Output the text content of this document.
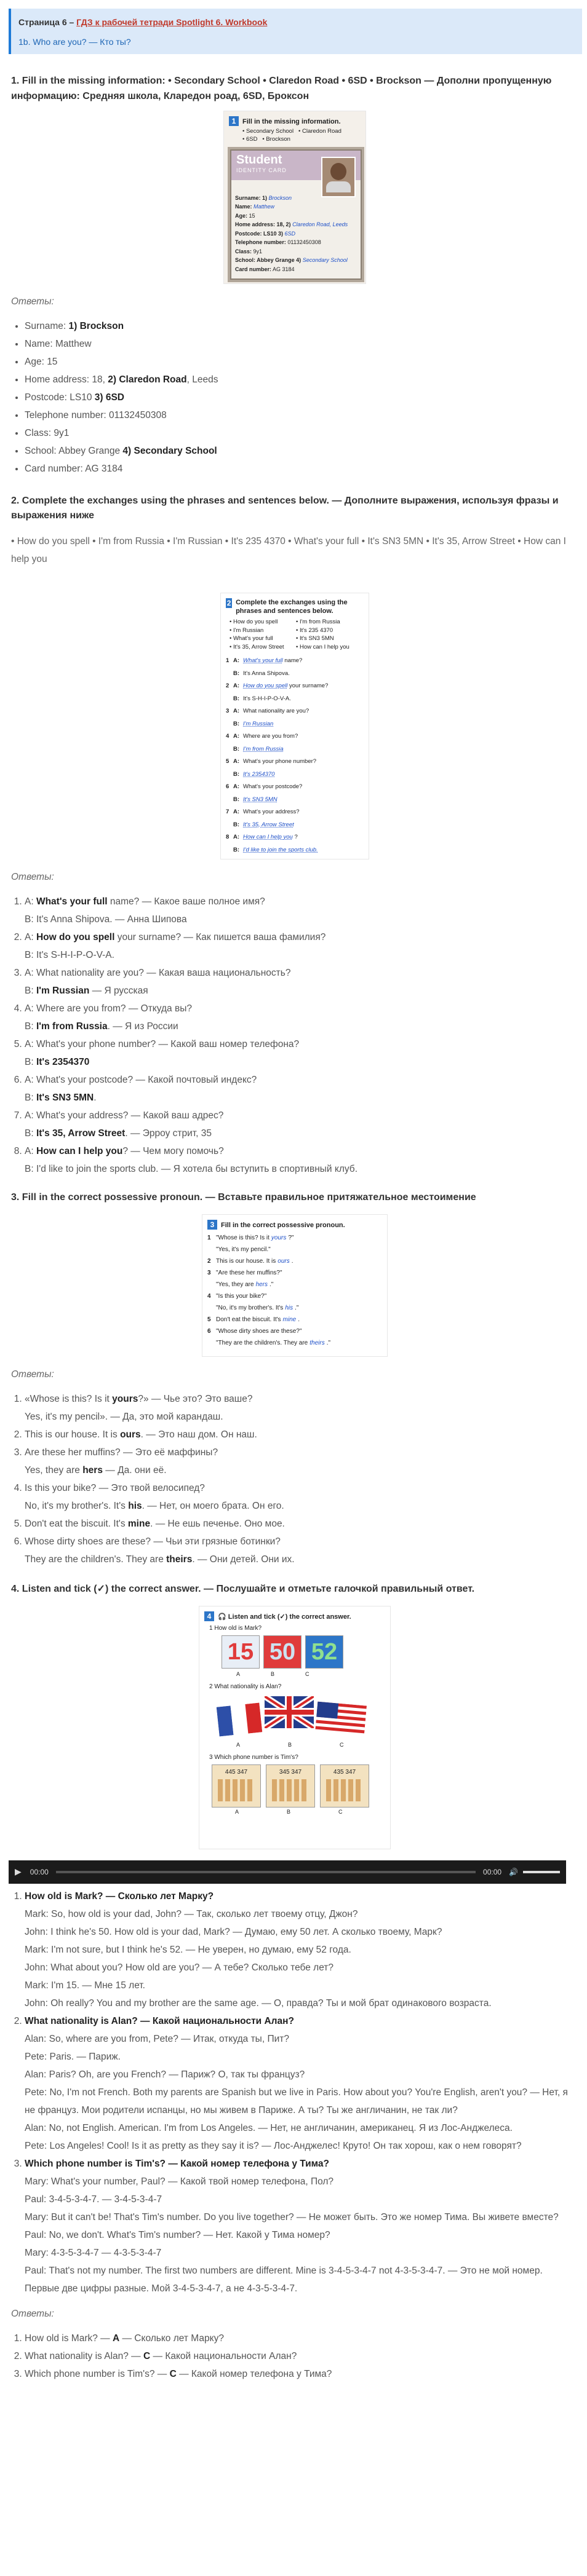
Страница 6 – ГДЗ к рабочей тетради Spotlight 6. Workbook
1b. Who are you? — Кто ты?
1. Fill in the missing information: • Secondary School • Claredon Road • 6SD • Brockson — Дополни пропущенную информацию: Средняя школа, Кларедон роад, 6SD, Броксон
1 Fill in the missing information.
• Secondary School • Claredon Road
• 6SD • Brockson
Student
IDENTITY CARD
Surname: 1) Brockson
Name: Matthew
Age: 15
Home address: 18, 2) Claredon Road, Leeds
Postcode: LS10 3) 6SD
Telephone number: 01132450308
Class: 9y1
School: Abbey Grange 4) Secondary School
Card number: AG 3184
Ответы:
• Surname: 1) Brockson
• Name: Matthew
• Age: 15
• Home address: 18, 2) Claredon Road, Leeds
• Postcode: LS10 3) 6SD
• Telephone number: 01132450308
• Class: 9y1
• School: Abbey Grange 4) Secondary School
• Card number: AG 3184
2. Complete the exchanges using the phrases and sentences below. — Дополните выражения, используя фразы и выражения ниже
• How do you spell • I'm from Russia • I'm Russian • It's 235 4370 • What's your full • It's SN3 5MN • It's 35, Arrow Street • How can I help you
2 Complete the exchanges using the phrases and sentences below.
• How do you spell	• I'm from Russia
• I'm Russian	• It's 235 4370
• What's your full	• It's SN3 5MN
• It's 35, Arrow Street	• How can I help you
1 A: What's your full name?
B: It's Anna Shipova.
2 A: How do you spell your surname?
B: It's S-H-I-P-O-V-A.
3 A: What nationality are you?
B: I'm Russian
4 A: Where are you from?
B: I'm from Russia
5 A: What's your phone number?
B: It's 2354370
6 A: What's your postcode?
B: It's SN3 5MN
7 A: What's your address?
B: It's 35, Arrow Street
8 A: How can I help you ?
B: I'd like to join the sports club.
Ответы:
1. A: What's your full name? — Какое ваше полное имя?
B: It's Anna Shipova. — Анна Шипова
2. A: How do you spell your surname? — Как пишется ваша фамилия?
B: It's S-H-I-P-O-V-A.
3. A: What nationality are you? — Какая ваша национальность?
B: I'm Russian — Я русская
4. A: Where are you from? — Откуда вы?
B: I'm from Russia. — Я из России
5. A: What's your phone number? — Какой ваш номер телефона?
B: It's 2354370
6. A: What's your postcode? — Какой почтовый индекс?
B: It's SN3 5MN.
7. A: What's your address? — Какой ваш адрес?
B: It's 35, Arrow Street. — Эрроу стрит, 35
8. A: How can I help you? — Чем могу помочь?
B: I'd like to join the sports club. — Я хотела бы вступить в спортивный клуб.
3. Fill in the correct possessive pronoun. — Вставьте правильное притяжательное местоимение
3 Fill in the correct possessive pronoun.
1 "Whose is this? Is it yours ?"
"Yes, it's my pencil."
2 This is our house. It is ours .
3 "Are these her muffins?"
"Yes, they are hers ."
4 "Is this your bike?"
"No, it's my brother's. It's his ."
5 Don't eat the biscuit. It's mine .
6 "Whose dirty shoes are these?"
"They are the children's. They are theirs ."
Ответы:
1. «Whose is this? Is it yours?» — Чье это? Это ваше?
Yes, it's my pencil». — Да, это мой карандаш.
2. This is our house. It is ours. — Это наш дом. Он наш.
3. Are these her muffins? — Это её маффины?
Yes, they are hers — Да. они её.
4. Is this your bike? — Это твой велосипед?
No, it's my brother's. It's his. — Нет, он моего брата. Он его.
5. Don't eat the biscuit. It's mine. — Не ешь печенье. Оно мое.
6. Whose dirty shoes are these? — Чьи эти грязные ботинки?
They are the children's. They are theirs. — Они детей. Они их.
4. Listen and tick (✓) the correct answer. — Послушайте и отметьте галочкой правильный ответ.
4 🎧 Listen and tick (✓) the correct answer.
1 How old is Mark?
15 50 52
A	B	C
2 What nationality is Alan?
A	B	C
3 Which phone number is Tim's?
445 347	345 347	435 347
A	B	C
▶ 00:00	00:00 🔊
1. How old is Mark? — Сколько лет Марку?
Mark: So, how old is your dad, John? — Так, сколько лет твоему отцу, Джон?
John: I think he's 50. How old is your dad, Mark? — Думаю, ему 50 лет. А сколько твоему, Марк?
Mark: I'm not sure, but I think he's 52. — Не уверен, но думаю, ему 52 года.
John: What about you? How old are you? — А тебе? Сколько тебе лет?
Mark: I'm 15. — Мне 15 лет.
John: Oh really? You and my brother are the same age. — О, правда? Ты и мой брат одинакового возраста.
2. What nationality is Alan? — Какой национальности Алан?
Alan: So, where are you from, Pete? — Итак, откуда ты, Пит?
Pete: Paris. — Париж.
Alan: Paris? Oh, are you French? — Париж? О, так ты француз?
Pete: No, I'm not French. Both my parents are Spanish but we live in Paris. How about you? You're English, aren't you? — Нет, я не француз. Мои родители испанцы, но мы живем в Париже. А ты? Ты же англичанин, не так ли?
Alan: No, not English. American. I'm from Los Angeles. — Нет, не англичанин, американец. Я из Лос-Анджелеса.
Pete: Los Angeles! Cool! Is it as pretty as they say it is? — Лос-Анджелес! Круто! Он так хорош, как о нем говорят?
3. Which phone number is Tim's? — Какой номер телефона у Тима?
Mary: What's your number, Paul? — Какой твой номер телефона, Пол?
Paul: 3-4-5-3-4-7. — 3-4-5-3-4-7
Mary: But it can't be! That's Tim's number. Do you live together? — Не может быть. Это же номер Тима. Вы живете вместе?
Paul: No, we don't. What's Tim's number? — Нет. Какой у Тима номер?
Mary: 4-3-5-3-4-7 — 4-3-5-3-4-7
Paul: That's not my number. The first two numbers are different. Mine is 3-4-5-3-4-7 not 4-3-5-3-4-7. — Это не мой номер. Первые две цифры разные. Мой 3-4-5-3-4-7, а не 4-3-5-3-4-7.
Ответы:
1. How old is Mark? — A — Сколько лет Марку?
2. What nationality is Alan? — C — Какой национальности Алан?
3. Which phone number is Tim's? — C — Какой номер телефона у Тима?
